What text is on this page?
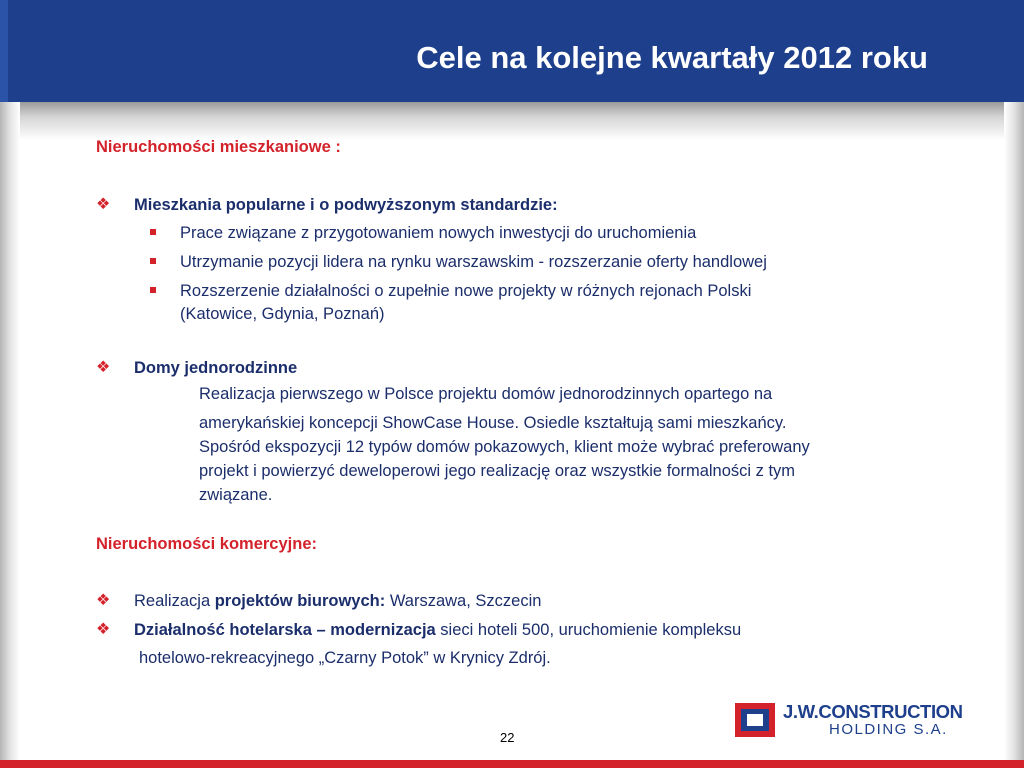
Cele na kolejne kwartały 2012 roku
Nieruchomości mieszkaniowe :
❖ Mieszkania popularne i o podwyższonym standardzie:
Prace związane z przygotowaniem nowych inwestycji do uruchomienia
Utrzymanie pozycji lidera na rynku warszawskim - rozszerzanie oferty handlowej
Rozszerzenie działalności o zupełnie nowe projekty w różnych rejonach Polski
(Katowice, Gdynia, Poznań)
❖ Domy jednorodzinne
Realizacja pierwszego w Polsce projektu domów jednorodzinnych opartego na
amerykańskiej koncepcji ShowCase House. Osiedle kształtują sami mieszkańcy.
Spośród ekspozycji 12 typów domów pokazowych, klient może wybrać preferowany
projekt i powierzyć deweloperowi jego realizację oraz wszystkie formalności z tym
związane.
Nieruchomości komercyjne:
❖ Realizacja projektów biurowych: Warszawa, Szczecin
❖ Działalność hotelarska – modernizacja sieci hoteli 500, uruchomienie kompleksu
hotelowo-rekreacyjnego „Czarny Potok” w Krynicy Zdrój.
22
J.W.CONSTRUCTION
HOLDING S.A.
